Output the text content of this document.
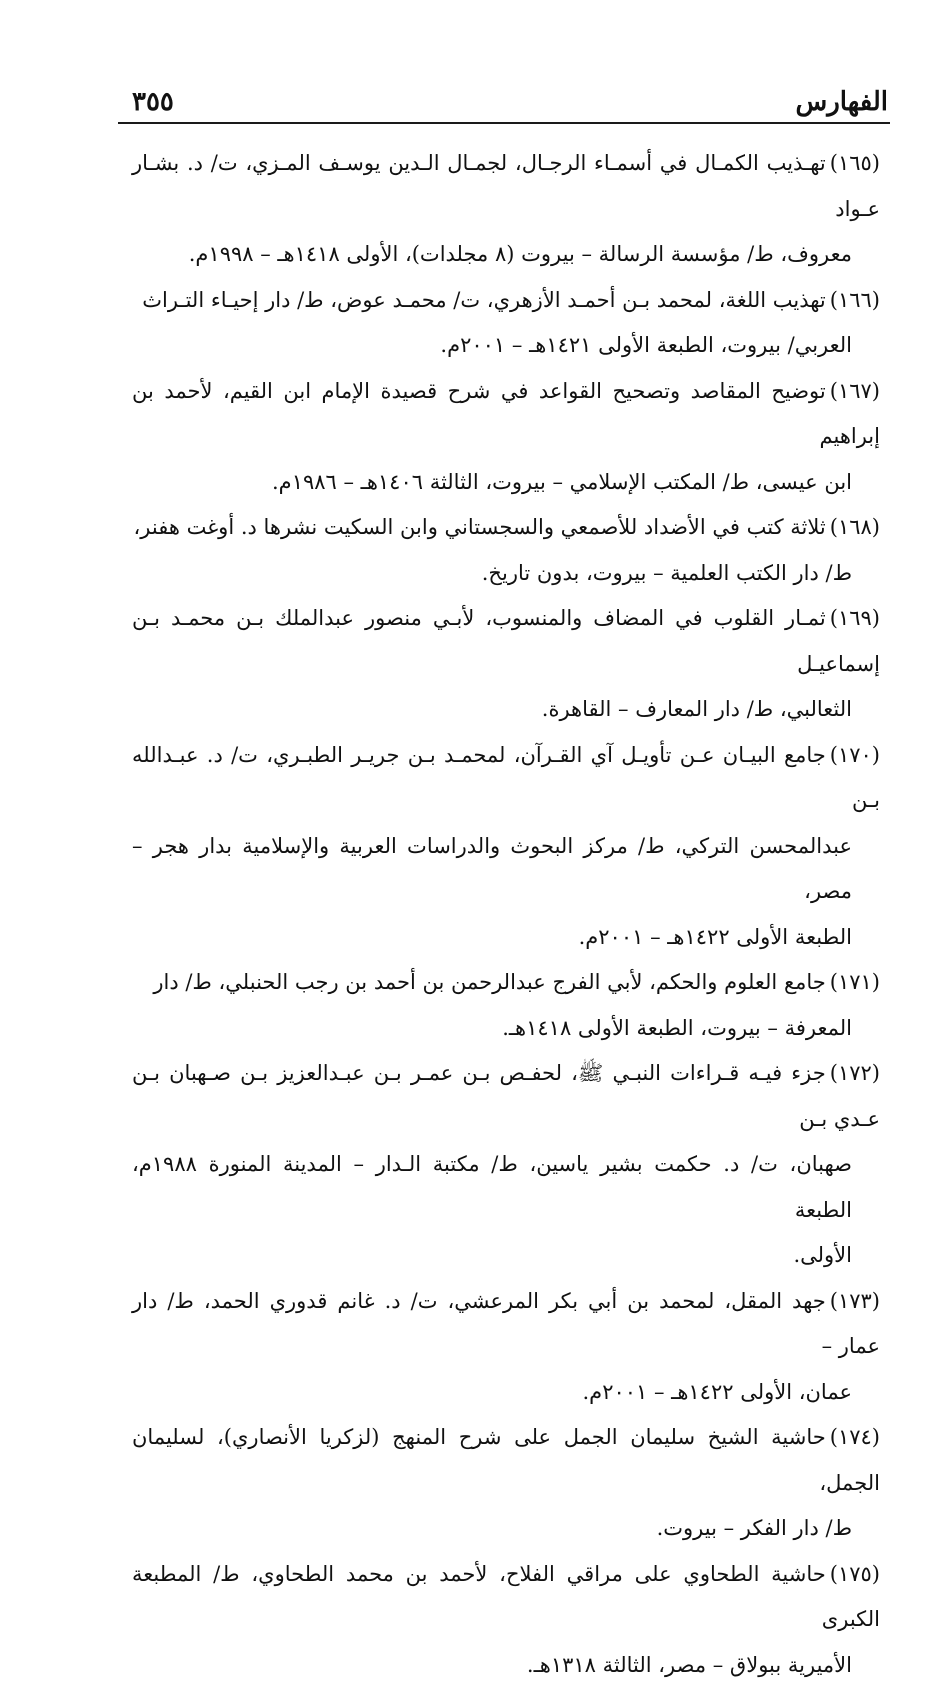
الفهارس
٣٥٥
(١٦٥)تهـذيب الكمـال في أسمـاء الرجـال، لجمـال الـدين يوسـف المـزي، ت/ د. بشـار عـواد
معروف، ط/ مؤسسة الرسالة – بيروت (٨ مجلدات)، الأولى ١٤١٨هـ – ١٩٩٨م.
(١٦٦)تهذيب اللغة، لمحمد بـن أحمـد الأزهري، ت/ محمـد عوض، ط/ دار إحيـاء التـراث
العربي/ بيروت، الطبعة الأولى ١٤٢١هـ – ٢٠٠١م.
(١٦٧)توضيح المقاصد وتصحيح القواعد في شرح قصيدة الإمام ابن القيم، لأحمد بن إبراهيم
ابن عيسى، ط/ المكتب الإسلامي – بيروت، الثالثة ١٤٠٦هـ – ١٩٨٦م.
(١٦٨)ثلاثة كتب في الأضداد للأصمعي والسجستاني وابن السكيت نشرها د. أوغت هفنر،
ط/ دار الكتب العلمية – بيروت، بدون تاريخ.
(١٦٩)ثمـار القلوب في المضاف والمنسوب، لأبـي منصور عبدالملك بـن محمـد بـن إسماعيـل
الثعالبي، ط/ دار المعارف – القاهرة.
(١٧٠)جامع البيـان عـن تأويـل آي القـرآن، لمحمـد بـن جريـر الطبـري، ت/ د. عبـدالله بـن
عبدالمحسن التركي، ط/ مركز البحوث والدراسات العربية والإسلامية بدار هجر – مصر،
الطبعة الأولى ١٤٢٢هـ – ٢٠٠١م.
(١٧١)جامع العلوم والحكم، لأبي الفرج عبدالرحمن بن أحمد بن رجب الحنبلي، ط/ دار
المعرفة – بيروت، الطبعة الأولى ١٤١٨هـ.
(١٧٢)جزء فيـه قـراءات النبـي ﷺ، لحفـص بـن عمـر بـن عبـدالعزيز بـن صـهبان بـن عـدي بـن
صهبان، ت/ د. حكمت بشير ياسين، ط/ مكتبة الـدار – المدينة المنورة ١٩٨٨م، الطبعة
الأولى.
(١٧٣)جهد المقل، لمحمد بن أبي بكر المرعشي، ت/ د. غانم قدوري الحمد، ط/ دار عمار –
عمان، الأولى ١٤٢٢هـ – ٢٠٠١م.
(١٧٤)حاشية الشيخ سليمان الجمل على شرح المنهج (لزكريا الأنصاري)، لسليمان الجمل،
ط/ دار الفكر – بيروت.
(١٧٥)حاشية الطحاوي على مراقي الفلاح، لأحمد بن محمد الطحاوي، ط/ المطبعة الكبرى
الأميرية ببولاق – مصر، الثالثة ١٣١٨هـ.
